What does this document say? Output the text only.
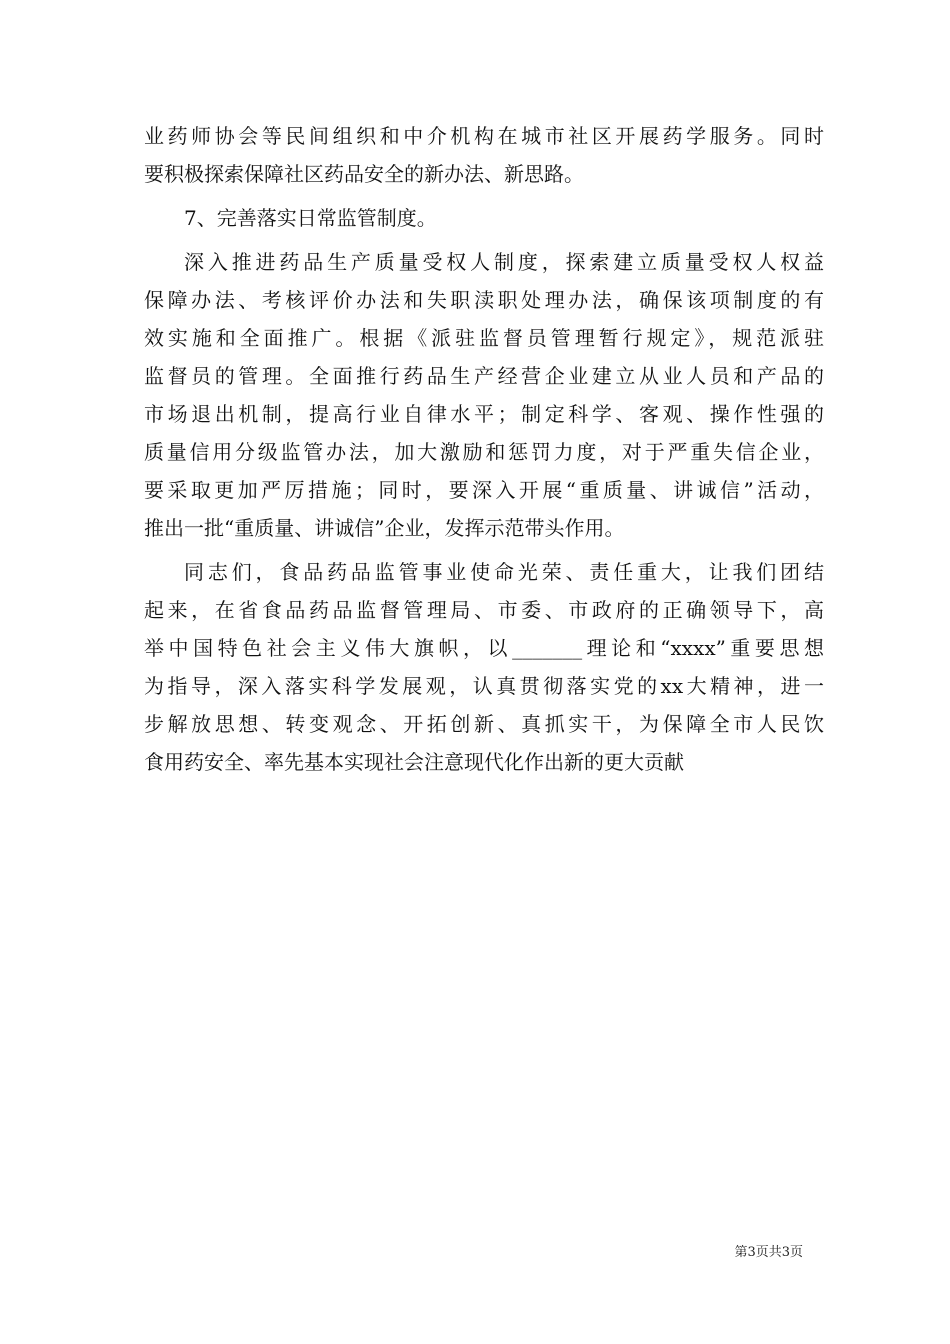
业药师协会等民间组织和中介机构在城市社区开展药学服务。同时
要积极探索保障社区药品安全的新办法、新思路。
7、完善落实日常监管制度。
深入推进药品生产质量受权人制度，探索建立质量受权人权益
保障办法、考核评价办法和失职渎职处理办法，确保该项制度的有
效实施和全面推广。根据《派驻监督员管理暂行规定》，规范派驻
监督员的管理。全面推行药品生产经营企业建立从业人员和产品的
市场退出机制，提高行业自律水平；制定科学、客观、操作性强的
质量信用分级监管办法，加大激励和惩罚力度，对于严重失信企业，
要采取更加严厉措施；同时，要深入开展“重质量、讲诚信”活动，
推出一批“重质量、讲诚信”企业，发挥示范带头作用。
同志们，食品药品监管事业使命光荣、责任重大，让我们团结
起来，在省食品药品监督管理局、市委、市政府的正确领导下，高
举中国特色社会主义伟大旗帜，以_______理论和“xxxx”重要思想
为指导，深入落实科学发展观，认真贯彻落实党的xx大精神，进一
步解放思想、转变观念、开拓创新、真抓实干，为保障全市人民饮
食用药安全、率先基本实现社会注意现代化作出新的更大贡献
第3页共3页
